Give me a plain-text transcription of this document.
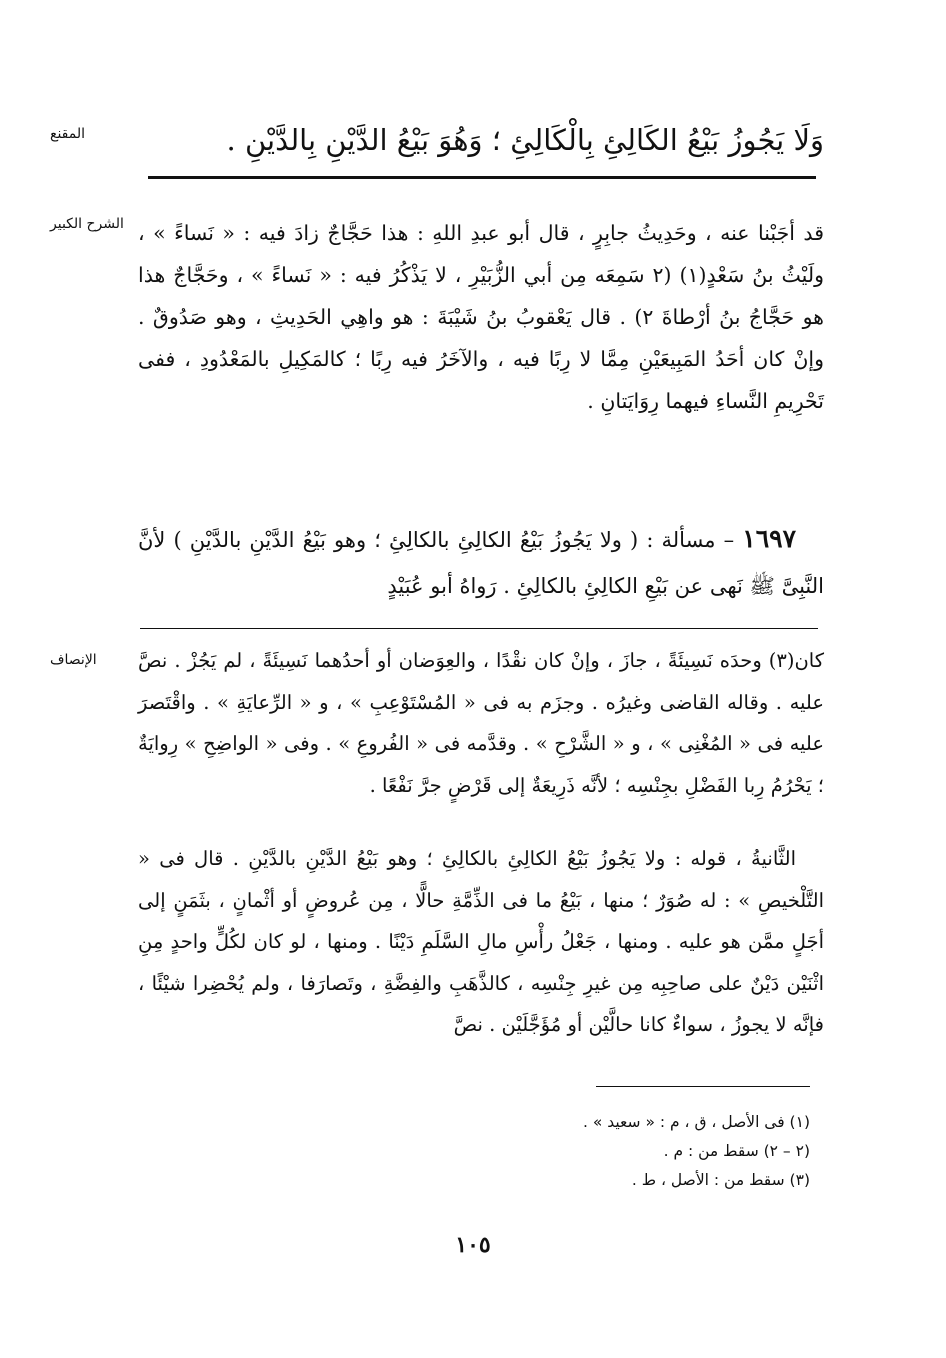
المقنع	وَلَا يَجُوزُ بَيْعُ الكَالِئِ بِالْكَالِئِ ؛ وَهُوَ بَيْعُ الدَّيْنِ بِالدَّيْنِ .
الشرح الكبير قد أجَبْنا عنه ، وحَدِيثُ جابِرٍ ، قال أبو عبدِ اللهِ : هذا حَجَّاجٌ زادَ فيه : « نَساءً » ، ولَيْثُ بنُ سَعْدٍ(١) (٢ سَمِعَه مِن أبي الزُّبَيْرِ ، لا يَذْكُرُ فيه : « نَساءً » ، وحَجَّاجٌ هذا هو حَجَّاجُ بنُ أرْطاةَ ٢) . قال يَعْقوبُ بنُ شَيْبَةَ : هو واهِي الحَدِيثِ ، وهو صَدُوقٌ . وإنْ كان أحَدُ المَبِيعَيْنِ مِمَّا لا رِبًا فيه ، والآخَرُ فيه رِبًا ؛ كالمَكِيلِ بالمَعْدُودِ ، ففى تَحْرِيمِ النَّساءِ فيهما رِوَايَتانِ .
١٦٩٧ – مسألة : ( ولا يَجُوزُ بَيْعُ الكالِئِ بالكالِئِ ؛ وهو بَيْعُ الدَّيْنِ بالدَّيْنِ ) لأنَّ النَّبِىَّ ﷺ نَهى عن بَيْعِ الكالِئِ بالكالِئِ . رَواهُ أبو عُبَيْدٍ
الإنصاف	كان(٣) وحدَه نَسِيئَةً ، جازَ ، وإنْ كان نقْدًا ، والعِوَضان أو أحدُهما نَسِيئَةً ، لم يَجُزْ . نصَّ عليه . وقاله القاضى وغيرُه . وجزَم به فى « المُسْتَوْعِبِ » ، و « الرِّعايَةِ » . واقْتَصرَ عليه فى « المُغْنِى » ، و « الشَّرْحِ » . وقدَّمه فى « الفُروعِ » . وفى « الواضِحِ » رِوايَةٌ ؛ يَحْرُمُ رِبا الفَضْلِ بجِنْسِه ؛ لأنَّه ذَرِيعَةٌ إلى قَرْضٍ جرَّ نَفْعًا .
الثَّانيةُ ، قوله : ولا يَجُوزُ بَيْعُ الكالِئِ بالكالِئِ ؛ وهو بَيْعُ الدَّيْنِ بالدَّيْنِ . قال فى « التَّلْخيصِ » : له صُوَرٌ ؛ منها ، بَيْعُ ما فى الذِّمَّةِ حالًّا ، مِن عُروضٍ أو أثْمانٍ ، بثَمَنٍ إلى أجَلٍ ممَّن هو عليه . ومنها ، جَعْلُ رأْسِ مالِ السَّلَمِ دَيْنًا . ومنها ، لو كان لكُلٍّ واحدٍ مِنِ اثْنَيْن دَيْنٌ على صاحِبِه مِن غيرِ جِنْسِه ، كالذَّهَبِ والفِضَّةِ ، وتَصارَفا ، ولم يُحْضِرا شيْئًا ، فإنَّه لا يجوزُ ، سواءٌ كانا حالَّيْن أو مُؤَجَّلَيْن . نصَّ
(١) فى الأصل ، ق ، م : « سعيد » .
(٢ – ٢) سقط من : م .
(٣) سقط من : الأصل ، ط .
١٠٥
